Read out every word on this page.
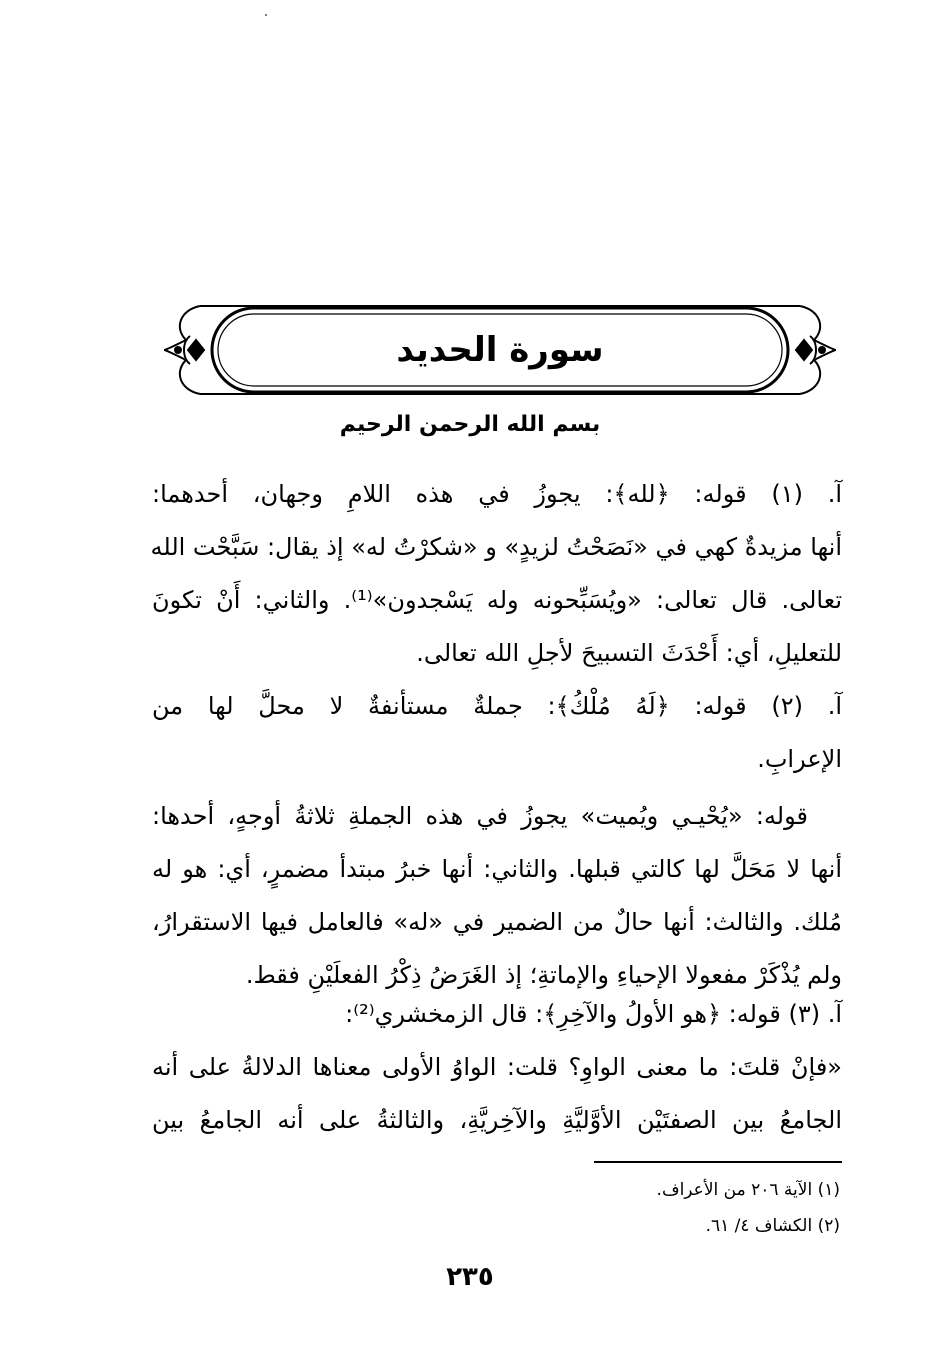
سورة الحديد
بسم الله الرحمن الرحيم
آ. (١) قوله: ﴿لله﴾: يجوزُ في هذه اللامِ وجهان، أحدهما:
أنها مزيدةٌ كهي في «نَصَحْتُ لزيدٍ» و «شكرْتُ له» إذ يقال: سَبَّحْت الله
تعالى. قال تعالى: «ويُسَبِّحونه وله يَسْجدون»⁽¹⁾. والثاني: أَنْ تكونَ
للتعليلِ، أي: أَحْدَثَ التسبيحَ لأجلِ الله تعالى.
آ. (٢) قوله: ﴿لَهُ مُلْكُ﴾: جملةٌ مستأنفةٌ لا محلَّ لها من
الإعرابِ.
قوله: «يُحْيـي ويُميت» يجوزُ في هذه الجملةِ ثلاثةُ أوجهٍ، أحدها:
أنها لا مَحَلَّ لها كالتي قبلها. والثاني: أنها خبرُ مبتدأ مضمرٍ، أي: هو له
مُلك. والثالث: أنها حالٌ من الضمير في «له» فالعامل فيها الاستقرارُ،
ولم يُذْكَرْ مفعولا الإحياءِ والإماتةِ؛ إذ الغَرَضُ ذِكْرُ الفعلَيْنِ فقط.
آ. (٣) قوله: ﴿هو الأولُ والآخِرِ﴾: قال الزمخشري⁽²⁾:
«فإنْ قلتَ: ما معنى الواوِ؟ قلت: الواوُ الأولى معناها الدلالةُ على أنه
الجامعُ بين الصفتَيْن الأوَّليَّةِ والآخِريَّةِ، والثالثةُ على أنه الجامعُ بين
(١) الآية ٢٠٦ من الأعراف.
(٢) الكشاف ٤/ ٦١.
٢٣٥
